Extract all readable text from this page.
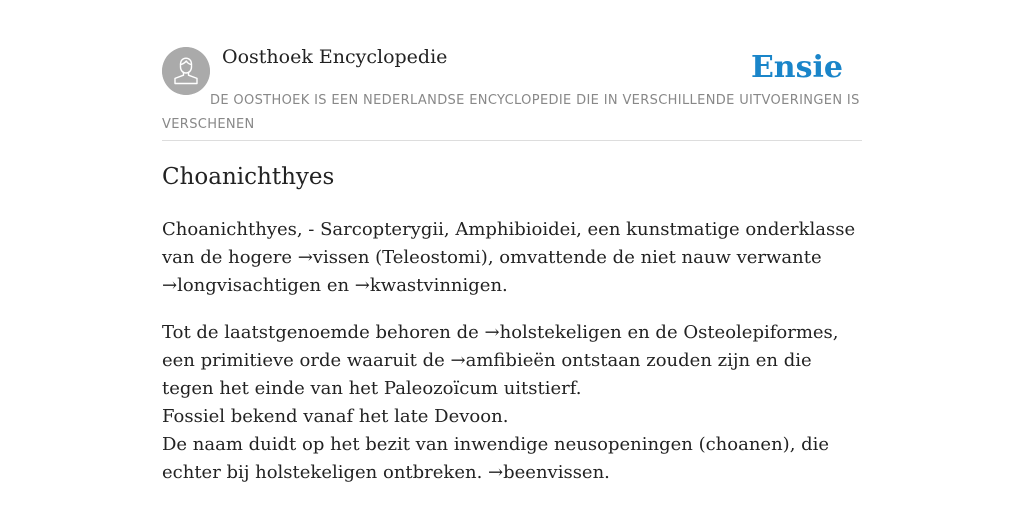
Oosthoek Encyclopedie	Ensie
DE OOSTHOEK IS EEN NEDERLANDSE ENCYCLOPEDIE DIE IN VERSCHILLENDE UITVOERINGEN IS VERSCHENEN
Choanichthyes

Choanichthyes, - Sarcopterygii, Amphibioidei, een kunstmatige onderklasse van de hogere →vissen (Teleostomi), omvattende de niet nauw verwante →longvisachtigen en →kwastvinnigen.

Tot de laatstgenoemde behoren de →holstekeligen en de Osteolepiformes, een primitieve orde waaruit de →amfibieën ontstaan zouden zijn en die tegen het einde van het Paleozoïcum uitstierf.
Fossiel bekend vanaf het late Devoon.
De naam duidt op het bezit van inwendige neusopeningen (choanen), die echter bij holstekeligen ontbreken. →beenvissen.
